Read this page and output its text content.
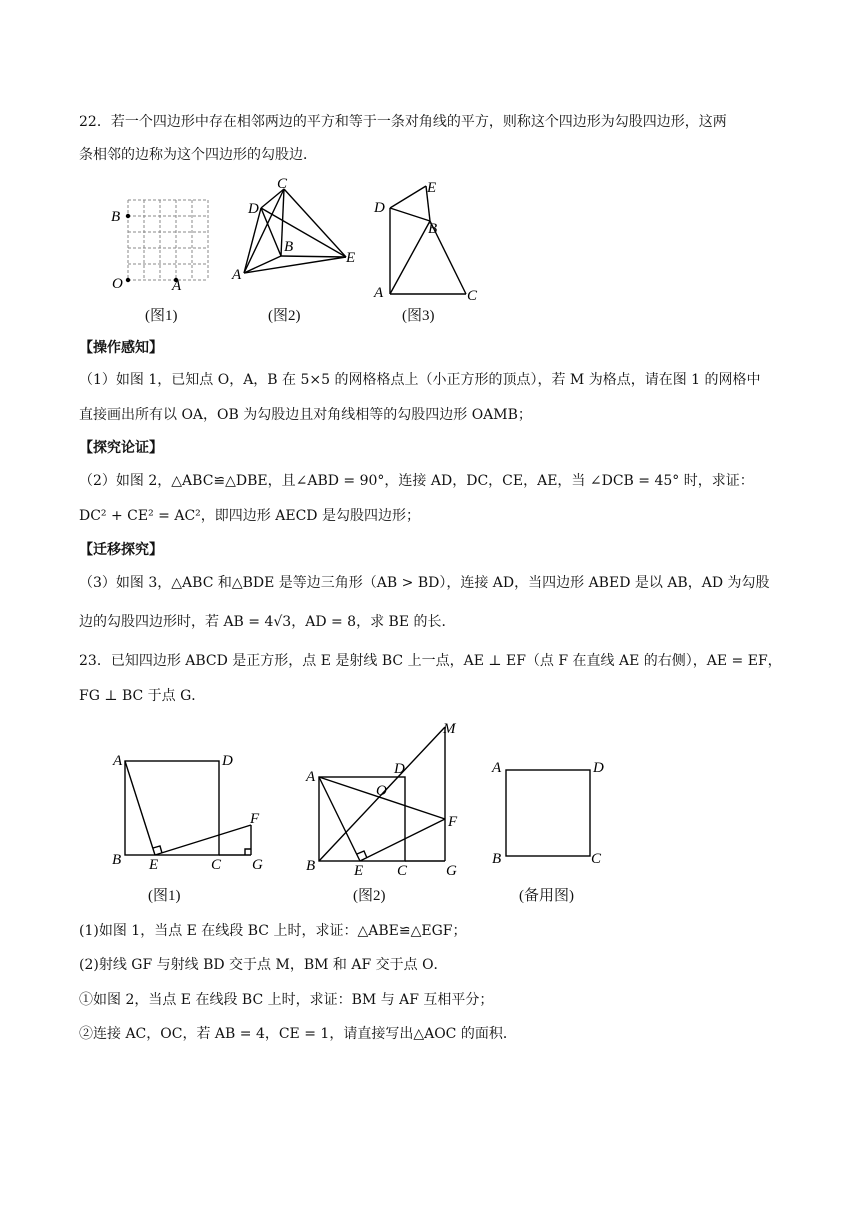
22．若一个四边形中存在相邻两边的平方和等于一条对角线的平方，则称这个四边形为勾股四边形，这两
条相邻的边称为这个四边形的勾股边．
B
O	A
(图1)
C
D
B
E
A
(图2)
E
D
B
A	C
(图3)
【操作感知】
（1）如图 1，已知点 O，A，B 在 5×5 的网格格点上（小正方形的顶点），若 M 为格点，请在图 1 的网格中
直接画出所有以 OA，OB 为勾股边且对角线相等的勾股四边形 OAMB；
【探究论证】
（2）如图 2，△ABC≌△DBE，且∠ABD = 90°，连接 AD，DC，CE，AE，当 ∠DCB = 45° 时，求证：
DC² + CE² = AC²，即四边形 AECD 是勾股四边形；
【迁移探究】
（3）如图 3，△ABC 和△BDE 是等边三角形（AB > BD），连接 AD，当四边形 ABED 是以 AB，AD 为勾股
边的勾股四边形时，若 AB = 4√3，AD = 8，求 BE 的长．
23．已知四边形 ABCD 是正方形，点 E 是射线 BC 上一点，AE ⊥ EF（点 F 在直线 AE 的右侧），AE = EF，
FG ⊥ BC 于点 G．
A	D
F
B E	C G
(图1)
A	D
M
O
F
B	E C	G
(图2)
A	D
B	C
(备用图)
(1)如图 1，当点 E 在线段 BC 上时，求证：△ABE≌△EGF；
(2)射线 GF 与射线 BD 交于点 M，BM 和 AF 交于点 O．
①如图 2，当点 E 在线段 BC 上时，求证：BM 与 AF 互相平分；
②连接 AC，OC，若 AB = 4，CE = 1，请直接写出△AOC 的面积．
